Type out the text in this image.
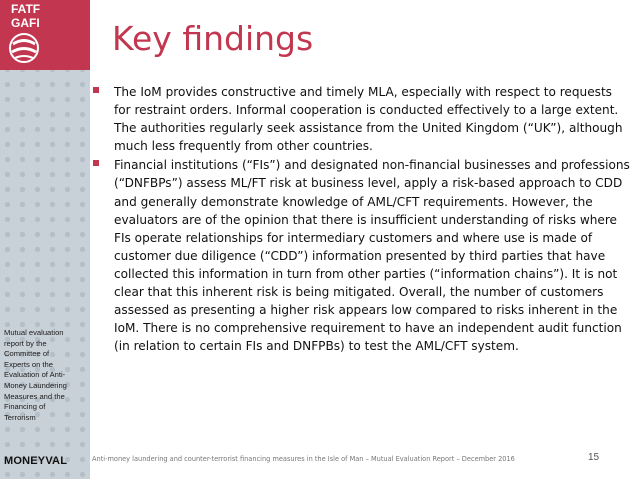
FATF
GAFI
Mutual evaluation report by the Committee of Experts on the Evaluation of Anti-Money Laundering Measures and the Financing of Terrorism
MONEYVAL
Key findings
The IoM provides constructive and timely MLA, especially with respect to requests for restraint orders. Informal cooperation is conducted effectively to a large extent. The authorities regularly seek assistance from the United Kingdom (“UK”), although much less frequently from other countries.
Financial institutions (“FIs”) and designated non-financial businesses and professions (“DNFBPs”) assess ML/FT risk at business level, apply a risk-based approach to CDD and generally demonstrate knowledge of AML/CFT requirements. However, the evaluators are of the opinion that there is insufficient understanding of risks where FIs operate relationships for intermediary customers and where use is made of customer due diligence (“CDD”) information presented by third parties that have collected this information in turn from other parties (“information chains”). It is not clear that this inherent risk is being mitigated. Overall, the number of customers assessed as presenting a higher risk appears low compared to risks inherent in the IoM. There is no comprehensive requirement to have an independent audit function (in relation to certain FIs and DNFPBs) to test the AML/CFT system.
Anti-money laundering and counter-terrorist financing measures in the Isle of Man – Mutual Evaluation Report – December 2016	15
